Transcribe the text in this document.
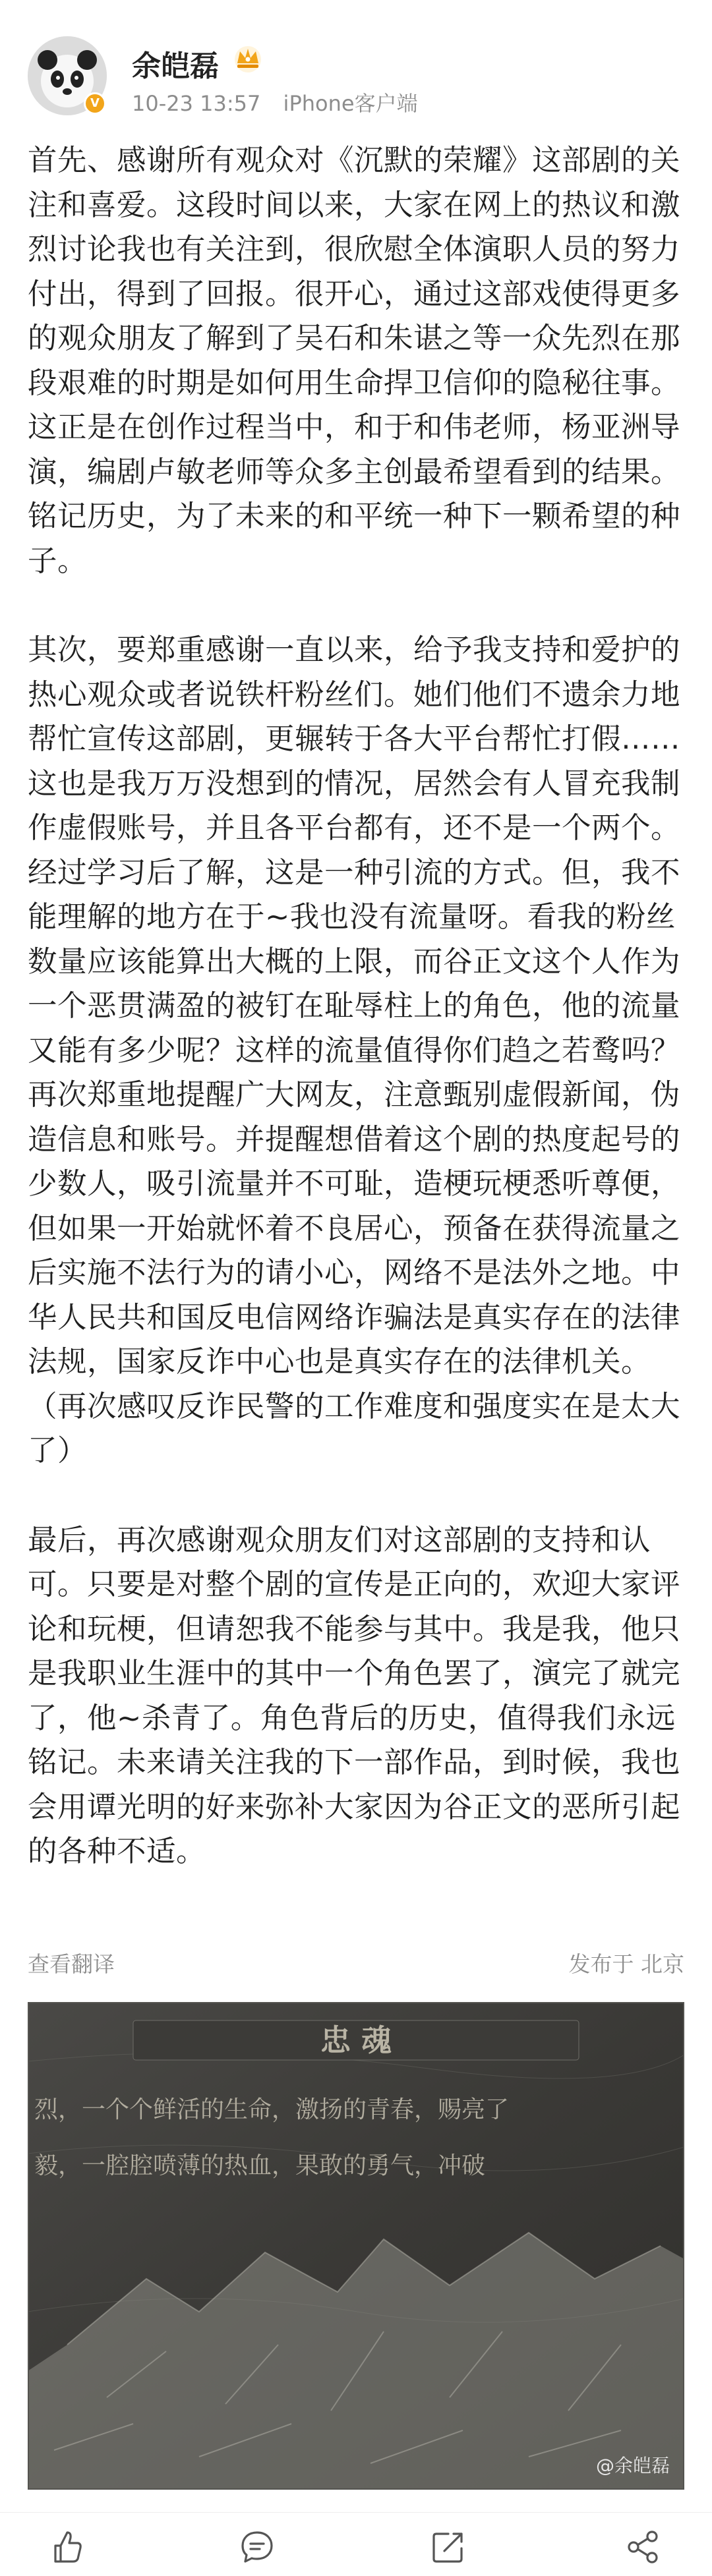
V
余皑磊
10-23 13:57 iPhone客户端

首先、感谢所有观众对《沉默的荣耀》这部剧的关注和喜爱。这段时间以来，大家在网上的热议和激烈讨论我也有关注到，很欣慰全体演职人员的努力付出，得到了回报。很开心，通过这部戏使得更多的观众朋友了解到了吴石和朱谌之等一众先烈在那段艰难的时期是如何用生命捍卫信仰的隐秘往事。这正是在创作过程当中，和于和伟老师，杨亚洲导演，编剧卢敏老师等众多主创最希望看到的结果。铭记历史，为了未来的和平统一种下一颗希望的种子。

其次，要郑重感谢一直以来，给予我支持和爱护的热心观众或者说铁杆粉丝们。她们他们不遗余力地帮忙宣传这部剧，更辗转于各大平台帮忙打假……这也是我万万没想到的情况，居然会有人冒充我制作虚假账号，并且各平台都有，还不是一个两个。经过学习后了解，这是一种引流的方式。但，我不能理解的地方在于~我也没有流量呀。看我的粉丝数量应该能算出大概的上限，而谷正文这个人作为一个恶贯满盈的被钉在耻辱柱上的角色，他的流量又能有多少呢？这样的流量值得你们趋之若鹜吗？再次郑重地提醒广大网友，注意甄别虚假新闻，伪造信息和账号。并提醒想借着这个剧的热度起号的少数人，吸引流量并不可耻，造梗玩梗悉听尊便，但如果一开始就怀着不良居心，预备在获得流量之后实施不法行为的请小心，网络不是法外之地。中华人民共和国反电信网络诈骗法是真实存在的法律法规，国家反诈中心也是真实存在的法律机关。（再次感叹反诈民警的工作难度和强度实在是太大了）

最后，再次感谢观众朋友们对这部剧的支持和认可。只要是对整个剧的宣传是正向的，欢迎大家评论和玩梗，但请恕我不能参与其中。我是我，他只是我职业生涯中的其中一个角色罢了，演完了就完了，他~杀青了。角色背后的历史，值得我们永远铭记。未来请关注我的下一部作品，到时候，我也会用谭光明的好来弥补大家因为谷正文的恶所引起的各种不适。

查看翻译	发布于 北京
忠 魂
烈，一个个鲜活的生命，激扬的青春，赐亮了
毅，一腔腔喷薄的热血，果敢的勇气，冲破
@余皑磊
